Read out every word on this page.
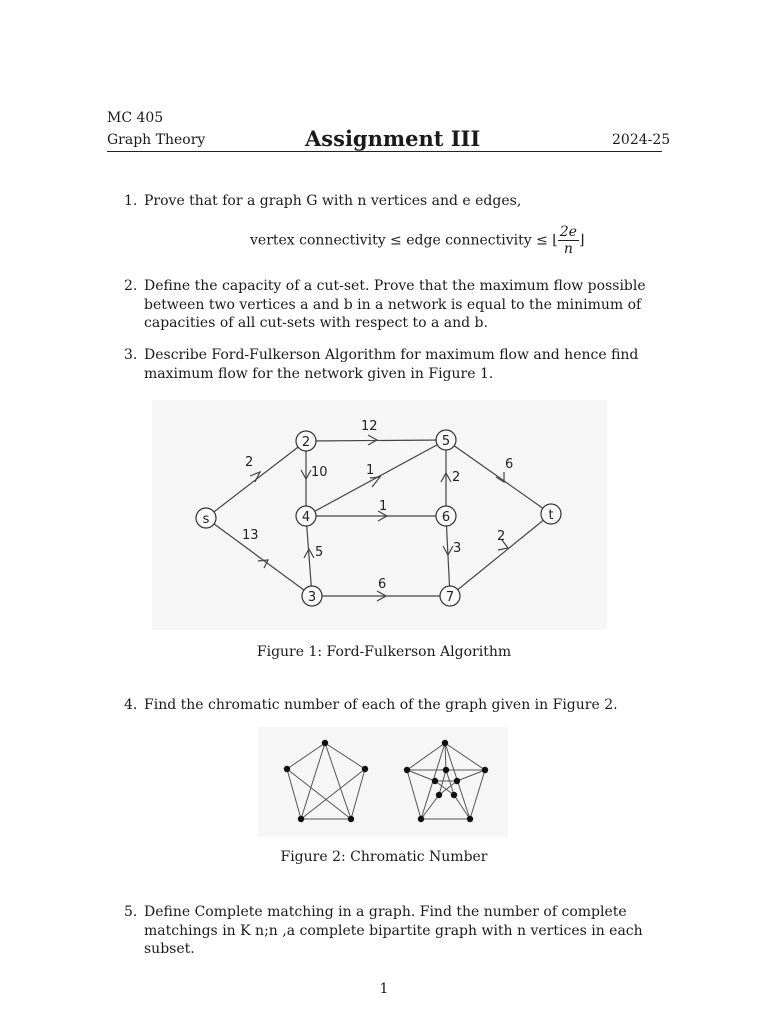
MC 405
Graph Theory	Assignment III	2024-25
1. Prove that for a graph G with n vertices and e edges,
vertex connectivity ≤ edge connectivity ≤ ⌊ $\frac{2e}{n}$ ⌋
2. Define the capacity of a cut-set. Prove that the maximum flow possible between two vertices a and b in a network is equal to the minimum of capacities of all cut-sets with respect to a and b.
3. Describe Ford-Fulkerson Algorithm for maximum flow and hence find maximum flow for the network given in Figure 1.
s
2
3
4
5
6
7
t
2
13
12
10	1
1
5
6
2
3
6
2
Figure 1: Ford-Fulkerson Algorithm
4. Find the chromatic number of each of the graph given in Figure 2.
Figure 2: Chromatic Number
5. Define Complete matching in a graph. Find the number of complete matchings in K n;n ,a complete bipartite graph with n vertices in each subset.
1
